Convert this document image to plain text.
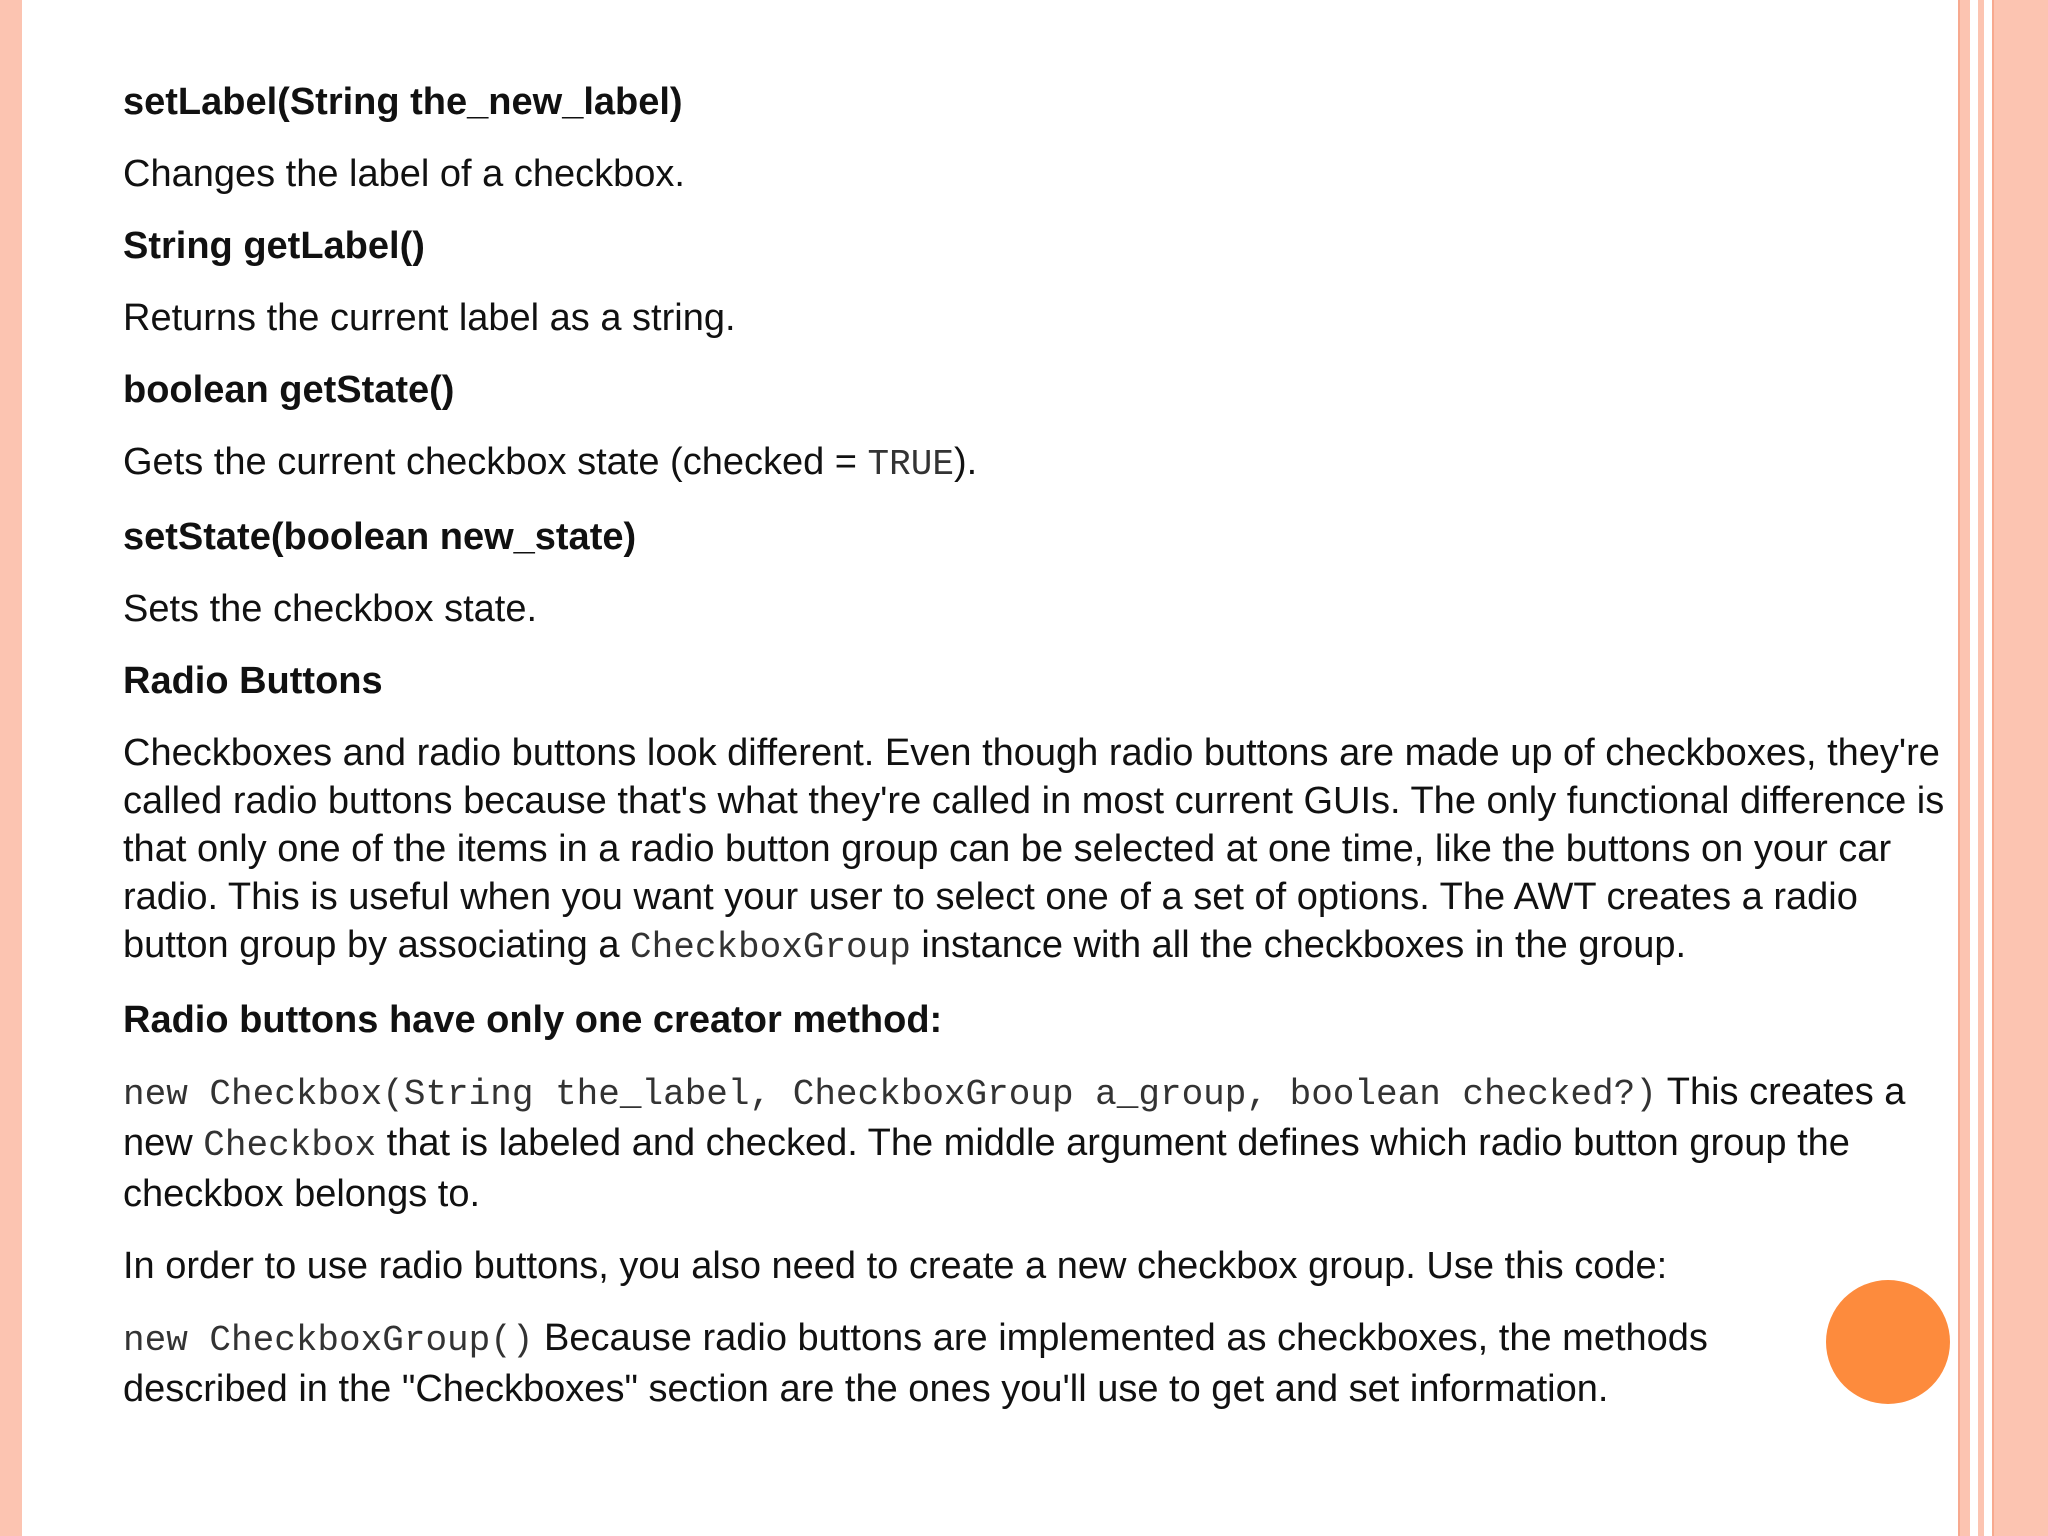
setLabel(String the_new_label)
Changes the label of a checkbox.
String getLabel()
Returns the current label as a string.
boolean getState()
Gets the current checkbox state (checked = TRUE).
setState(boolean new_state)
Sets the checkbox state.
Radio Buttons
Checkboxes and radio buttons look different. Even though radio buttons are made up of checkboxes, they're called radio buttons because that's what they're called in most current GUIs. The only functional difference is that only one of the items in a radio button group can be selected at one time, like the buttons on your car radio. This is useful when you want your user to select one of a set of options. The AWT creates a radio button group by associating a CheckboxGroup instance with all the checkboxes in the group.
Radio buttons have only one creator method:
new Checkbox(String the_label, CheckboxGroup a_group, boolean checked?) This creates a new Checkbox that is labeled and checked. The middle argument defines which radio button group the checkbox belongs to.
In order to use radio buttons, you also need to create a new checkbox group. Use this code:
new CheckboxGroup() Because radio buttons are implemented as checkboxes, the methods described in the "Checkboxes" section are the ones you'll use to get and set information.
